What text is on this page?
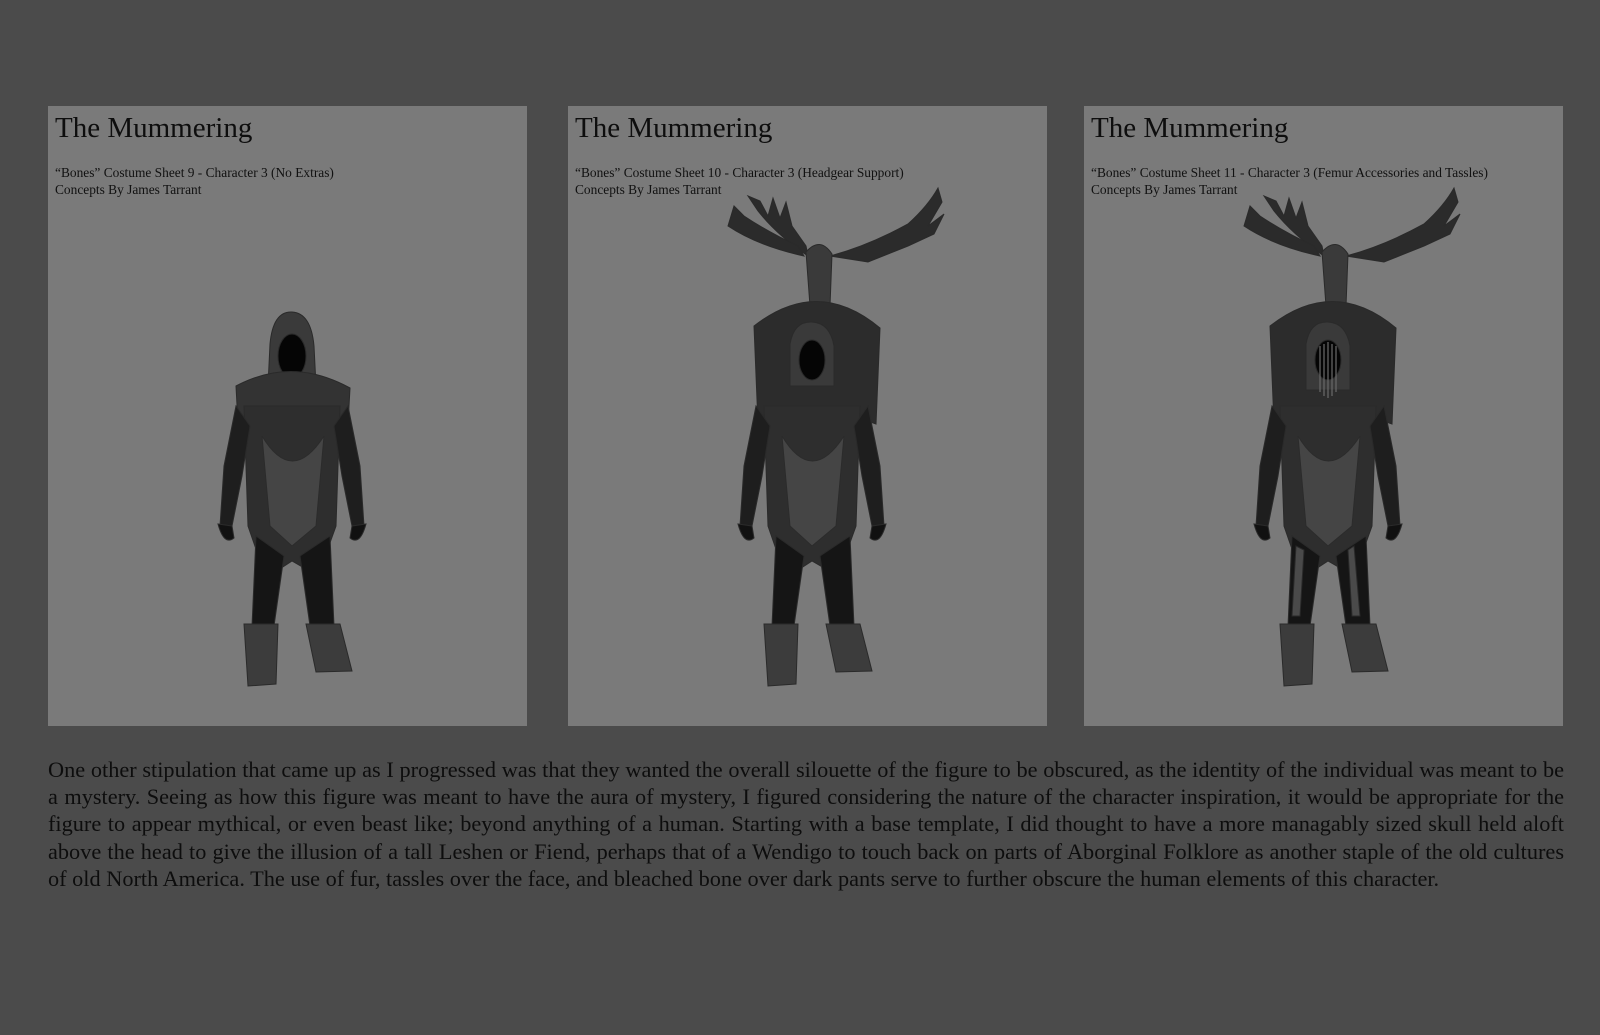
The Mummering
“Bones” Costume Sheet 9 - Character 3 (No Extras)
Concepts By James Tarrant
The Mummering
“Bones” Costume Sheet 10 - Character 3 (Headgear Support)
Concepts By James Tarrant
The Mummering
“Bones” Costume Sheet 11 - Character 3 (Femur Accessories and Tassles)
Concepts By James Tarrant

One other stipulation that came up as I progressed was that they wanted the overall silouette of the figure to be obscured, as the identity of the individual was meant to be a mystery. Seeing as how this figure was meant to have the aura of mystery, I figured considering the nature of the character inspiration, it would be appropriate for the figure to appear mythical, or even beast like; beyond anything of a human. Starting with a base template, I did thought to have a more managably sized skull held aloft above the head to give the illusion of a tall Leshen or Fiend, perhaps that of a Wendigo to touch back on parts of Aborginal Folklore as another staple of the old cultures of old North America. The use of fur, tassles over the face, and bleached bone over dark pants serve to further obscure the human elements of this character.
